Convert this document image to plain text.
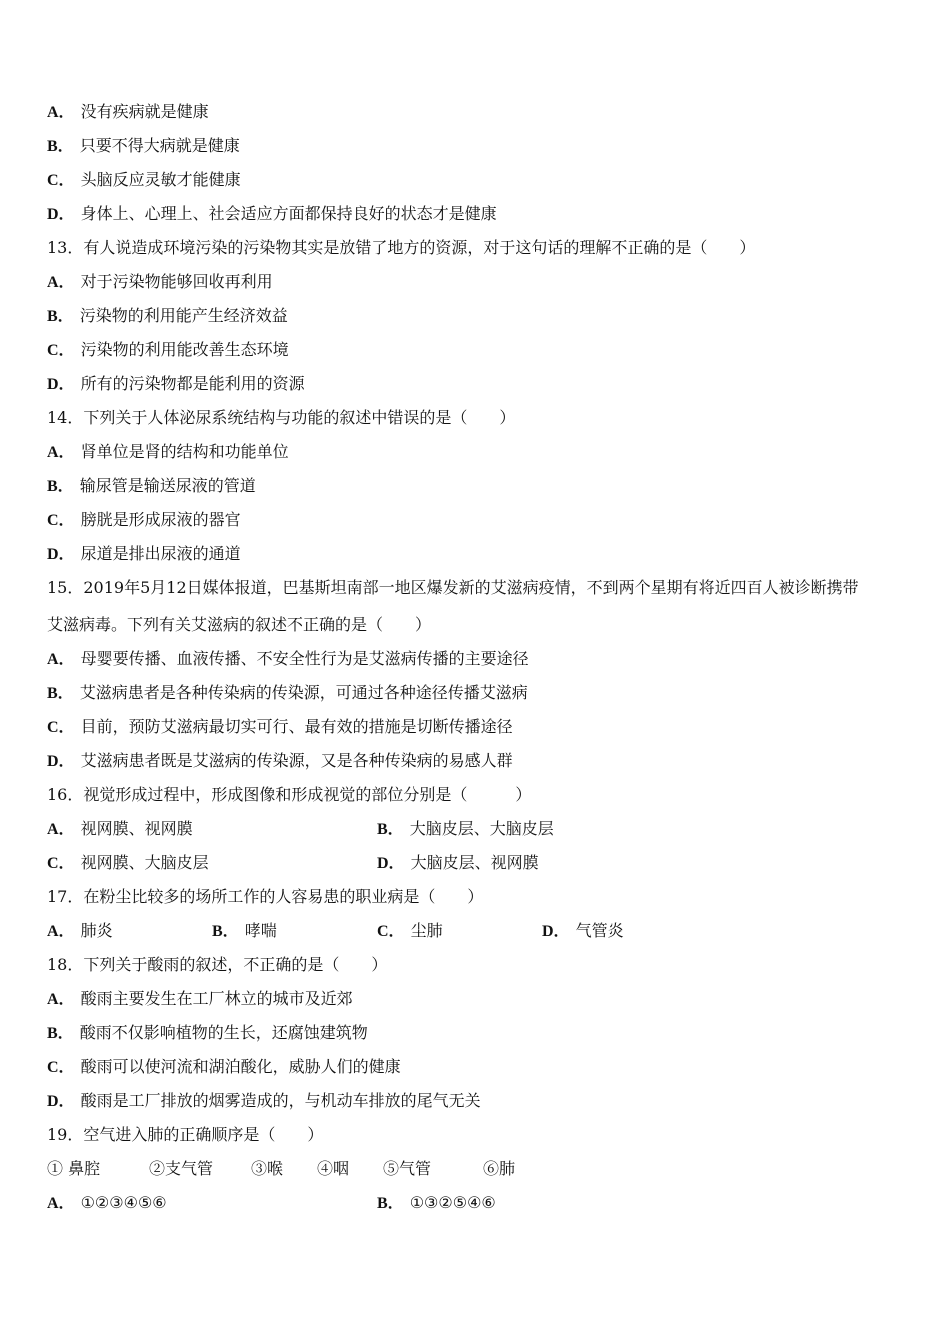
A． 没有疾病就是健康
B． 只要不得大病就是健康
C． 头脑反应灵敏才能健康
D． 身体上、心理上、社会适应方面都保持良好的状态才是健康
13．有人说造成环境污染的污染物其实是放错了地方的资源，对于这句话的理解不正确的是（　　）
A． 对于污染物能够回收再利用
B． 污染物的利用能产生经济效益
C． 污染物的利用能改善生态环境
D． 所有的污染物都是能利用的资源
14．下列关于人体泌尿系统结构与功能的叙述中错误的是（　　）
A． 肾单位是肾的结构和功能单位
B． 输尿管是输送尿液的管道
C． 膀胱是形成尿液的器官
D． 尿道是排出尿液的通道
15．2019年5月12日媒体报道，巴基斯坦南部一地区爆发新的艾滋病疫情，不到两个星期有将近四百人被诊断携带
艾滋病毒。下列有关艾滋病的叙述不正确的是（　　）
A． 母婴要传播、血液传播、不安全性行为是艾滋病传播的主要途径
B． 艾滋病患者是各种传染病的传染源，可通过各种途径传播艾滋病
C． 目前，预防艾滋病最切实可行、最有效的措施是切断传播途径
D． 艾滋病患者既是艾滋病的传染源，又是各种传染病的易感人群
16．视觉形成过程中，形成图像和形成视觉的部位分别是（　　　）
A． 视网膜、视网膜	B． 大脑皮层、大脑皮层
C． 视网膜、大脑皮层	D． 大脑皮层、视网膜
17．在粉尘比较多的场所工作的人容易患的职业病是（　　）
A． 肺炎	B． 哮喘	C． 尘肺	D． 气管炎
18．下列关于酸雨的叙述，不正确的是（　　）
A． 酸雨主要发生在工厂林立的城市及近郊
B． 酸雨不仅影响植物的生长，还腐蚀建筑物
C． 酸雨可以使河流和湖泊酸化，威胁人们的健康
D． 酸雨是工厂排放的烟雾造成的，与机动车排放的尾气无关
19．空气进入肺的正确顺序是（　　）
① 鼻腔	②支气管 ③喉 ④咽 ⑤气管	⑥肺
A． ①②③④⑤⑥	B． ①③②⑤④⑥
